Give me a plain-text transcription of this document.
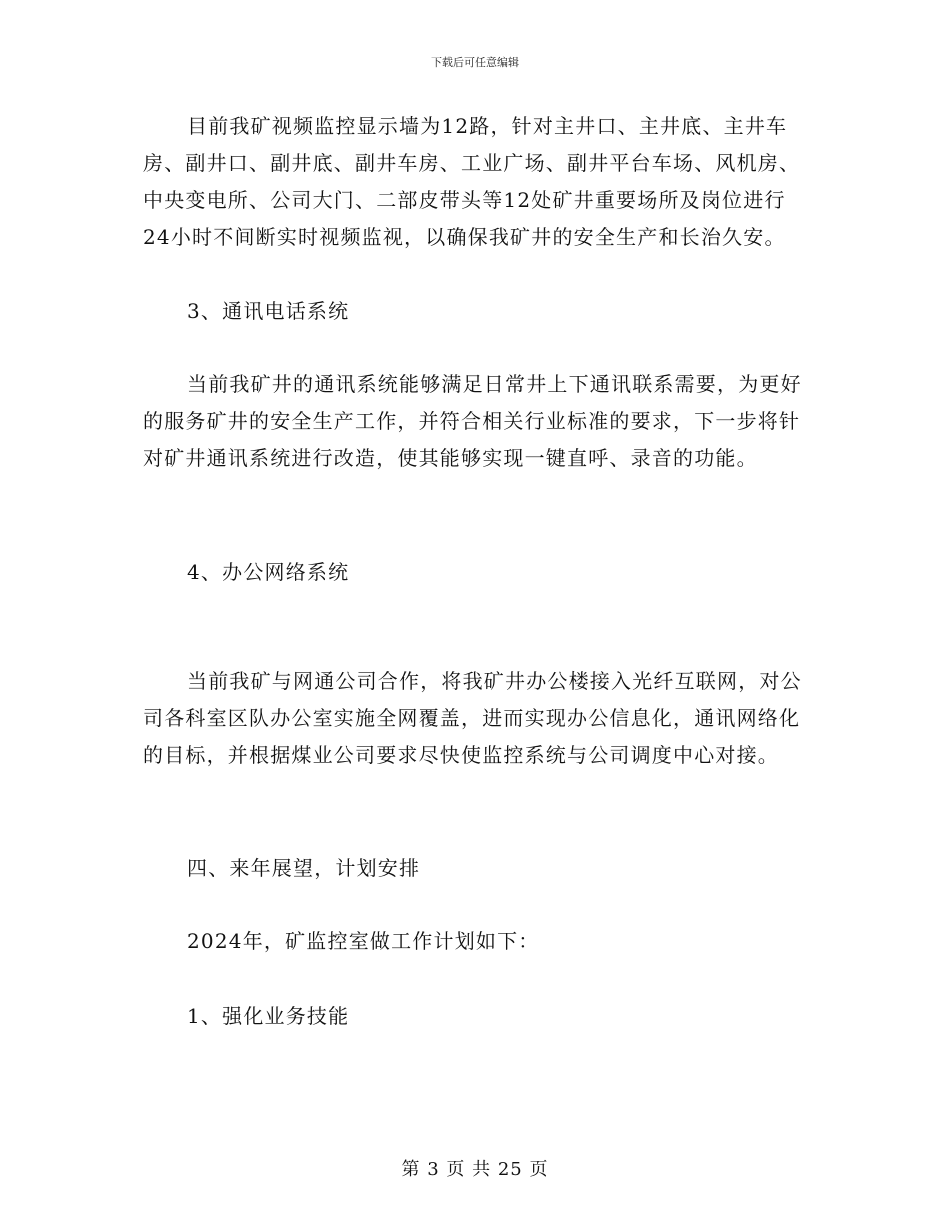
下载后可任意编辑

目前我矿视频监控显示墙为12路，针对主井口、主井底、主井车房、副井口、副井底、副井车房、工业广场、副井平台车场、风机房、中央变电所、公司大门、二部皮带头等12处矿井重要场所及岗位进行24小时不间断实时视频监视，以确保我矿井的安全生产和长治久安。

3、通讯电话系统

当前我矿井的通讯系统能够满足日常井上下通讯联系需要，为更好的服务矿井的安全生产工作，并符合相关行业标准的要求，下一步将针对矿井通讯系统进行改造，使其能够实现一键直呼、录音的功能。

4、办公网络系统

当前我矿与网通公司合作，将我矿井办公楼接入光纤互联网，对公司各科室区队办公室实施全网覆盖，进而实现办公信息化，通讯网络化的目标，并根据煤业公司要求尽快使监控系统与公司调度中心对接。

四、来年展望，计划安排

2024年，矿监控室做工作计划如下：

1、强化业务技能

第 3 页 共 25 页
